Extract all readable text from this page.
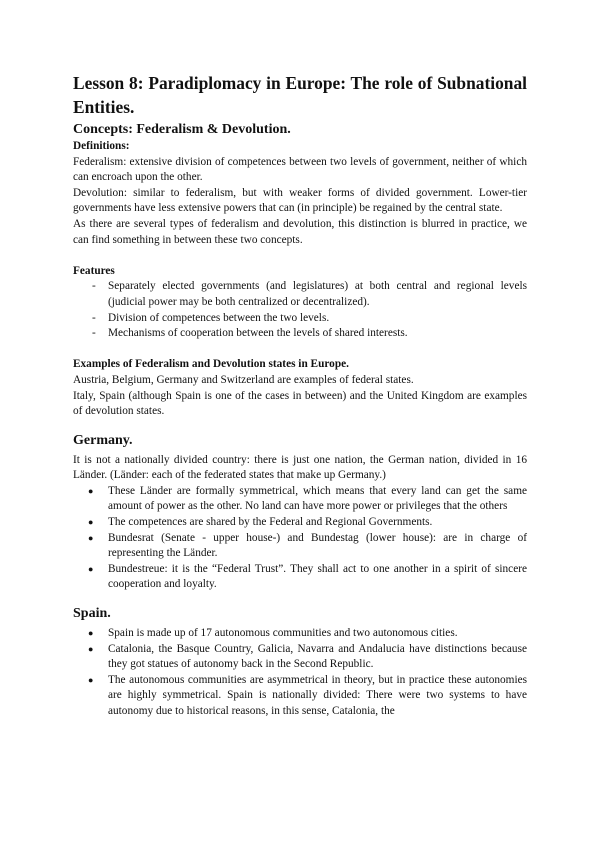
Lesson 8: Paradiplomacy in Europe: The role of Subnational Entities.
Concepts: Federalism & Devolution.
Definitions:

Federalism: extensive division of competences between two levels of government, neither of which can encroach upon the other.

Devolution: similar to federalism, but with weaker forms of divided government. Lower-tier governments have less extensive powers that can (in principle) be regained by the central state.

As there are several types of federalism and devolution, this distinction is blurred in practice, we can find something in between these two concepts.

Features
- Separately elected governments (and legislatures) at both central and regional levels (judicial power may be both centralized or decentralized).
- Division of competences between the two levels.
- Mechanisms of cooperation between the levels of shared interests.
Examples of Federalism and Devolution states in Europe.

Austria, Belgium, Germany and Switzerland are examples of federal states.

Italy, Spain (although Spain is one of the cases in between) and the United Kingdom are examples of devolution states.

Germany.

It is not a nationally divided country: there is just one nation, the German nation, divided in 16 Länder. (Länder: each of the federated states that make up Germany.)

● These Länder are formally symmetrical, which means that every land can get the same amount of power as the other. No land can have more power or privileges that the others
● The competences are shared by the Federal and Regional Governments.
● Bundesrat (Senate - upper house-) and Bundestag (lower house): are in charge of representing the Länder.
● Bundestreue: it is the “Federal Trust”. They shall act to one another in a spirit of sincere cooperation and loyalty.
Spain.
● Spain is made up of 17 autonomous communities and two autonomous cities.
● Catalonia, the Basque Country, Galicia, Navarra and Andalucia have distinctions because they got statues of autonomy back in the Second Republic.
● The autonomous communities are asymmetrical in theory, but in practice these autonomies are highly symmetrical. Spain is nationally divided: There were two systems to have autonomy due to historical reasons, in this sense, Catalonia, the
